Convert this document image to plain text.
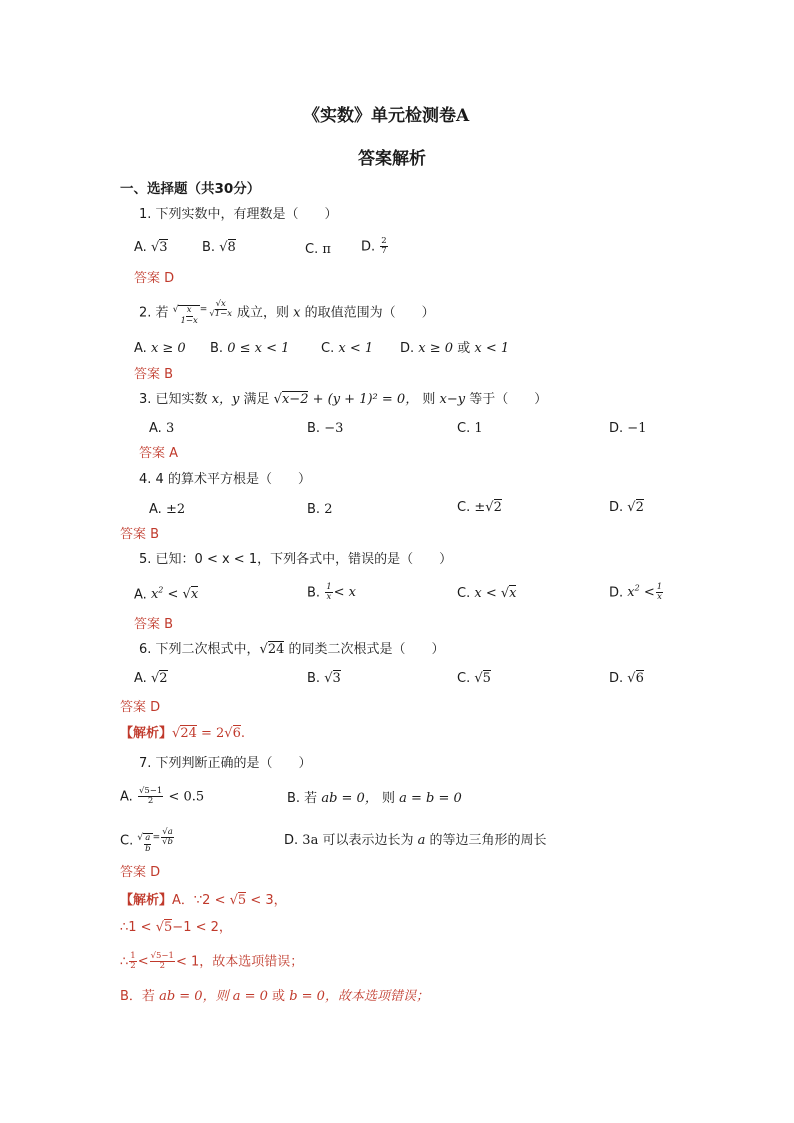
《实数》单元检测卷A
答案解析
一、选择题（共30分）
1. 下列实数中，有理数是（　　）
A. √3	B. √8	C. π D. $\frac{2}{7}$
答案 D
2. 若 √ $\frac{x}{1-x} = \frac{√x}{√1-x}$ 成立，则 x 的取值范围为（　　）
A. x ≥ 0 B. 0 ≤ x < 1 C. x < 1 D. x ≥ 0 或 x < 1
答案 B
3. 已知实数 x，y 满足 √x−2 + (y + 1)² = 0， 则 x−y 等于（　　）
A. 3	B. −3	C. 1	D. −1
答案 A
4. 4 的算术平方根是（　　）
A. ±2	B. 2	C. ±√2	D. √2
答案 B
5. 已知：0 < x < 1，下列各式中，错误的是（　　）
A. $x^2 < √x$	B. $\frac{1}{x} < x$	C. x < √x	D. $x^2 < \frac{1}{x}$
答案 B
6. 下列二次根式中，√24 的同类二次根式是（　　）
A. √2	B. √3	C. √5	D. √6
答案 D
【解析】√24 = 2√6.
7. 下列判断正确的是（　　）
A. $\frac{√5-1}{2} < 0.5$	B. 若 ab = 0， 则 a = b = 0
C. √ $\frac{a}{b} = \frac{√a}{√b}$	D. 3a 可以表示边长为 a 的等边三角形的周长
答案 D
【解析】A．∵2 < √5 < 3，
∴1 < √5−1 < 2，
∴ $\frac{1}{2} < \frac{√5-1}{2} < 1$，故本选项错误；
B．若 ab = 0，则 a = 0 或 b = 0，故本选项错误；
